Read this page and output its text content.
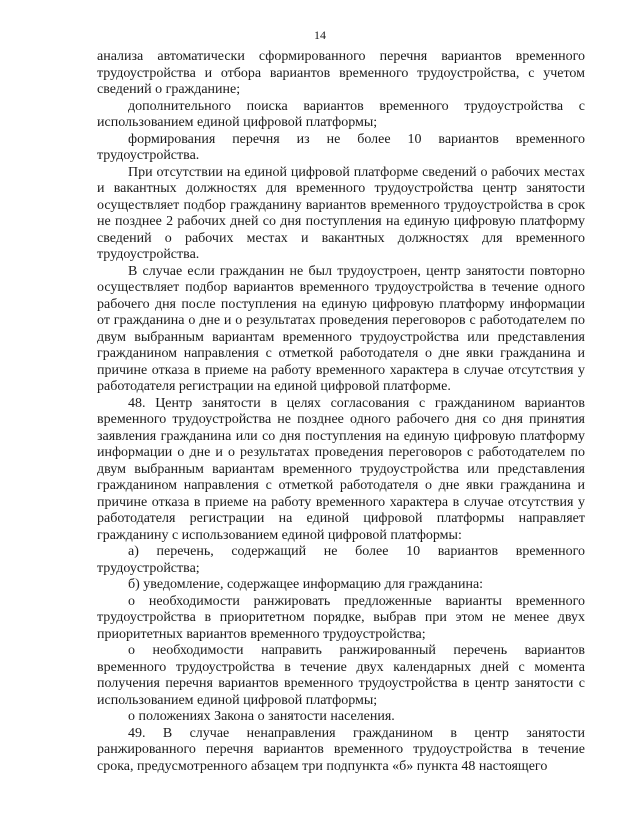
14

анализа автоматически сформированного перечня вариантов временного трудоустройства и отбора вариантов временного трудоустройства, с учетом сведений о гражданине;

дополнительного поиска вариантов временного трудоустройства с использованием единой цифровой платформы;

формирования перечня из не более 10 вариантов временного трудоустройства.

При отсутствии на единой цифровой платформе сведений о рабочих местах и вакантных должностях для временного трудоустройства центр занятости осуществляет подбор гражданину вариантов временного трудоустройства в срок не позднее 2 рабочих дней со дня поступления на единую цифровую платформу сведений о рабочих местах и вакантных должностях для временного трудоустройства.

В случае если гражданин не был трудоустроен, центр занятости повторно осуществляет подбор вариантов временного трудоустройства в течение одного рабочего дня после поступления на единую цифровую платформу информации от гражданина о дне и о результатах проведения переговоров с работодателем по двум выбранным вариантам временного трудоустройства или представления гражданином направления с отметкой работодателя о дне явки гражданина и причине отказа в приеме на работу временного характера в случае отсутствия у работодателя регистрации на единой цифровой платформе.

48. Центр занятости в целях согласования с гражданином вариантов временного трудоустройства не позднее одного рабочего дня со дня принятия заявления гражданина или со дня поступления на единую цифровую платформу информации о дне и о результатах проведения переговоров с работодателем по двум выбранным вариантам временного трудоустройства или представления гражданином направления с отметкой работодателя о дне явки гражданина и причине отказа в приеме на работу временного характера в случае отсутствия у работодателя регистрации на единой цифровой платформы направляет гражданину с использованием единой цифровой платформы:

а) перечень, содержащий не более 10 вариантов временного трудоустройства;

б) уведомление, содержащее информацию для гражданина:

о необходимости ранжировать предложенные варианты временного трудоустройства в приоритетном порядке, выбрав при этом не менее двух приоритетных вариантов временного трудоустройства;

о необходимости направить ранжированный перечень вариантов временного трудоустройства в течение двух календарных дней с момента получения перечня вариантов временного трудоустройства в центр занятости с использованием единой цифровой платформы;

о положениях Закона о занятости населения.

49. В случае ненаправления гражданином в центр занятости ранжированного перечня вариантов временного трудоустройства в течение срока, предусмотренного абзацем три подпункта «б» пункта 48 настоящего
